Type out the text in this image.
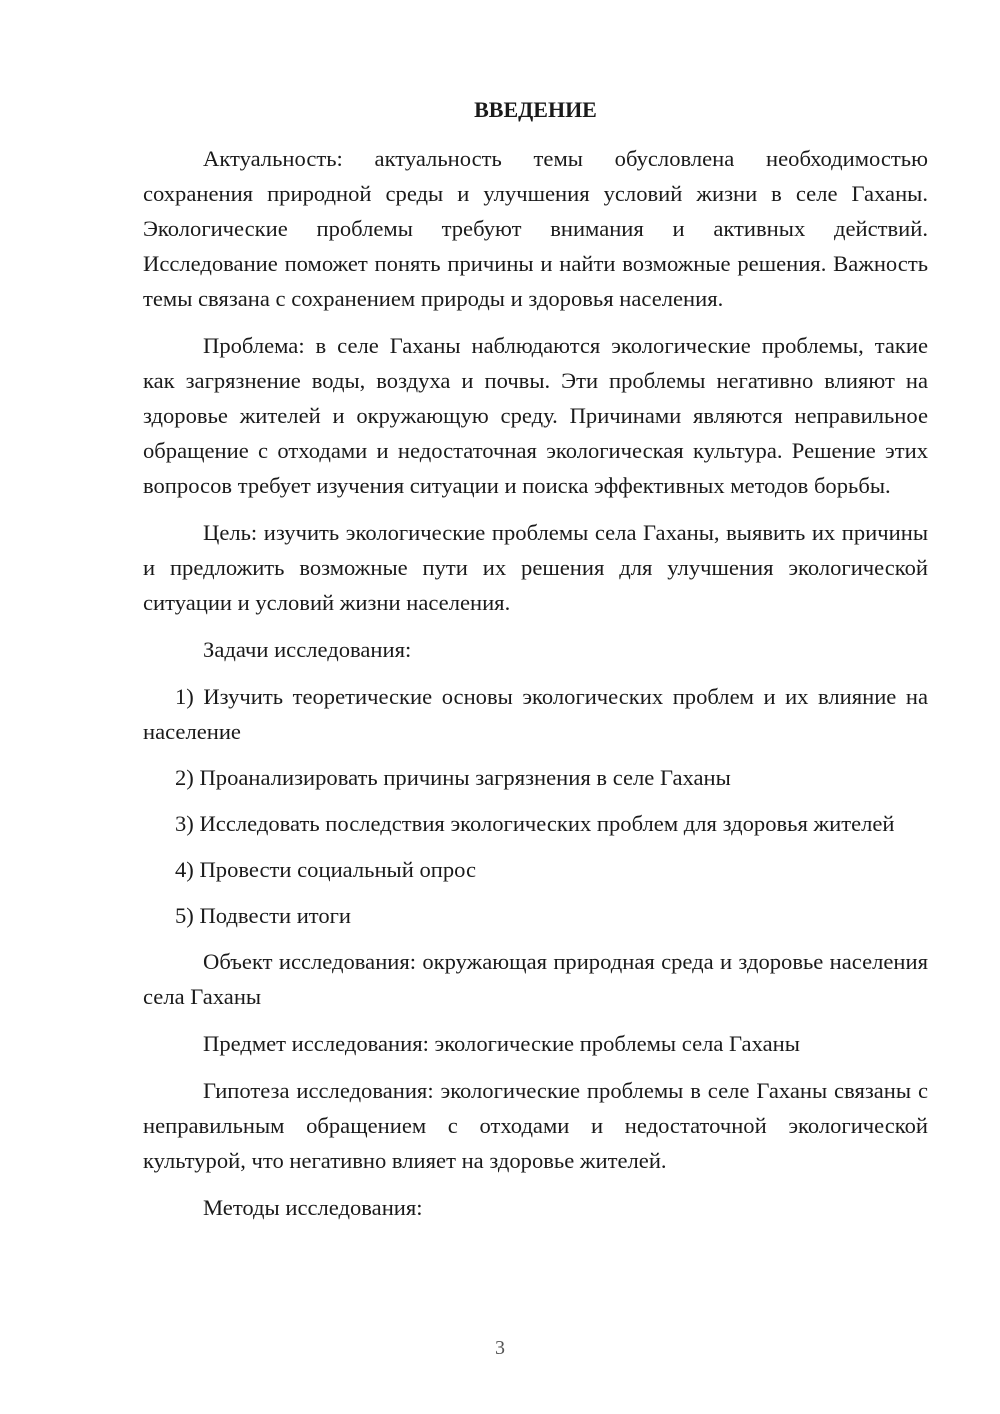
ВВЕДЕНИЕ

Актуальность: актуальность темы обусловлена необходимостью сохранения природной среды и улучшения условий жизни в селе Гаханы. Экологические проблемы требуют внимания и активных действий. Исследование поможет понять причины и найти возможные решения. Важность темы связана с сохранением природы и здоровья населения.

Проблема: в селе Гаханы наблюдаются экологические проблемы, такие как загрязнение воды, воздуха и почвы. Эти проблемы негативно влияют на здоровье жителей и окружающую среду. Причинами являются неправильное обращение с отходами и недостаточная экологическая культура. Решение этих вопросов требует изучения ситуации и поиска эффективных методов борьбы.

Цель: изучить экологические проблемы села Гаханы, выявить их причины и предложить возможные пути их решения для улучшения экологической ситуации и условий жизни населения.

Задачи исследования:

1) Изучить теоретические основы экологических проблем и их влияние на население

2) Проанализировать причины загрязнения в селе Гаханы

3) Исследовать последствия экологических проблем для здоровья жителей

4) Провести социальный опрос

5) Подвести итоги

Объект исследования: окружающая природная среда и здоровье населения села Гаханы

Предмет исследования: экологические проблемы села Гаханы

Гипотеза исследования: экологические проблемы в селе Гаханы связаны с неправильным обращением с отходами и недостаточной экологической культурой, что негативно влияет на здоровье жителей.

Методы исследования:

3
